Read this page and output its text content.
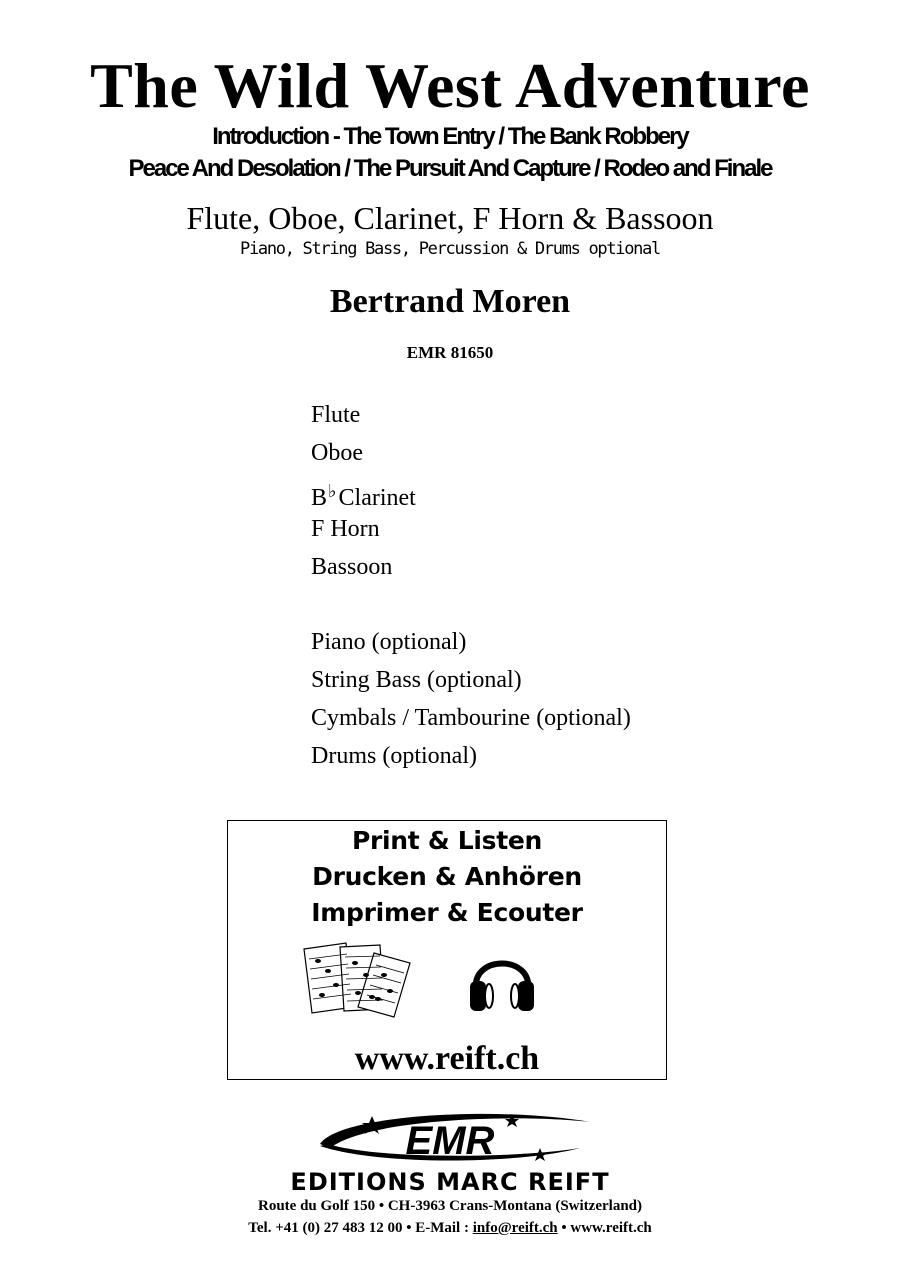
The Wild West Adventure
Introduction - The Town Entry / The Bank Robbery
Peace And Desolation / The Pursuit And Capture / Rodeo and Finale
Flute, Oboe, Clarinet, F Horn & Bassoon
Piano, String Bass, Percussion & Drums optional
Bertrand Moren
EMR 81650
Flute
Oboe
B♭Clarinet
F Horn
Bassoon
Piano (optional)
String Bass (optional)
Cymbals / Tambourine (optional)
Drums (optional)
Print & Listen
Drucken & Anhören
Imprimer & Ecouter
www.reift.ch
EMR
EDITIONS MARC REIFT
Route du Golf 150 • CH-3963 Crans-Montana (Switzerland)
Tel. +41 (0) 27 483 12 00 • E-Mail : info@reift.ch • www.reift.ch
